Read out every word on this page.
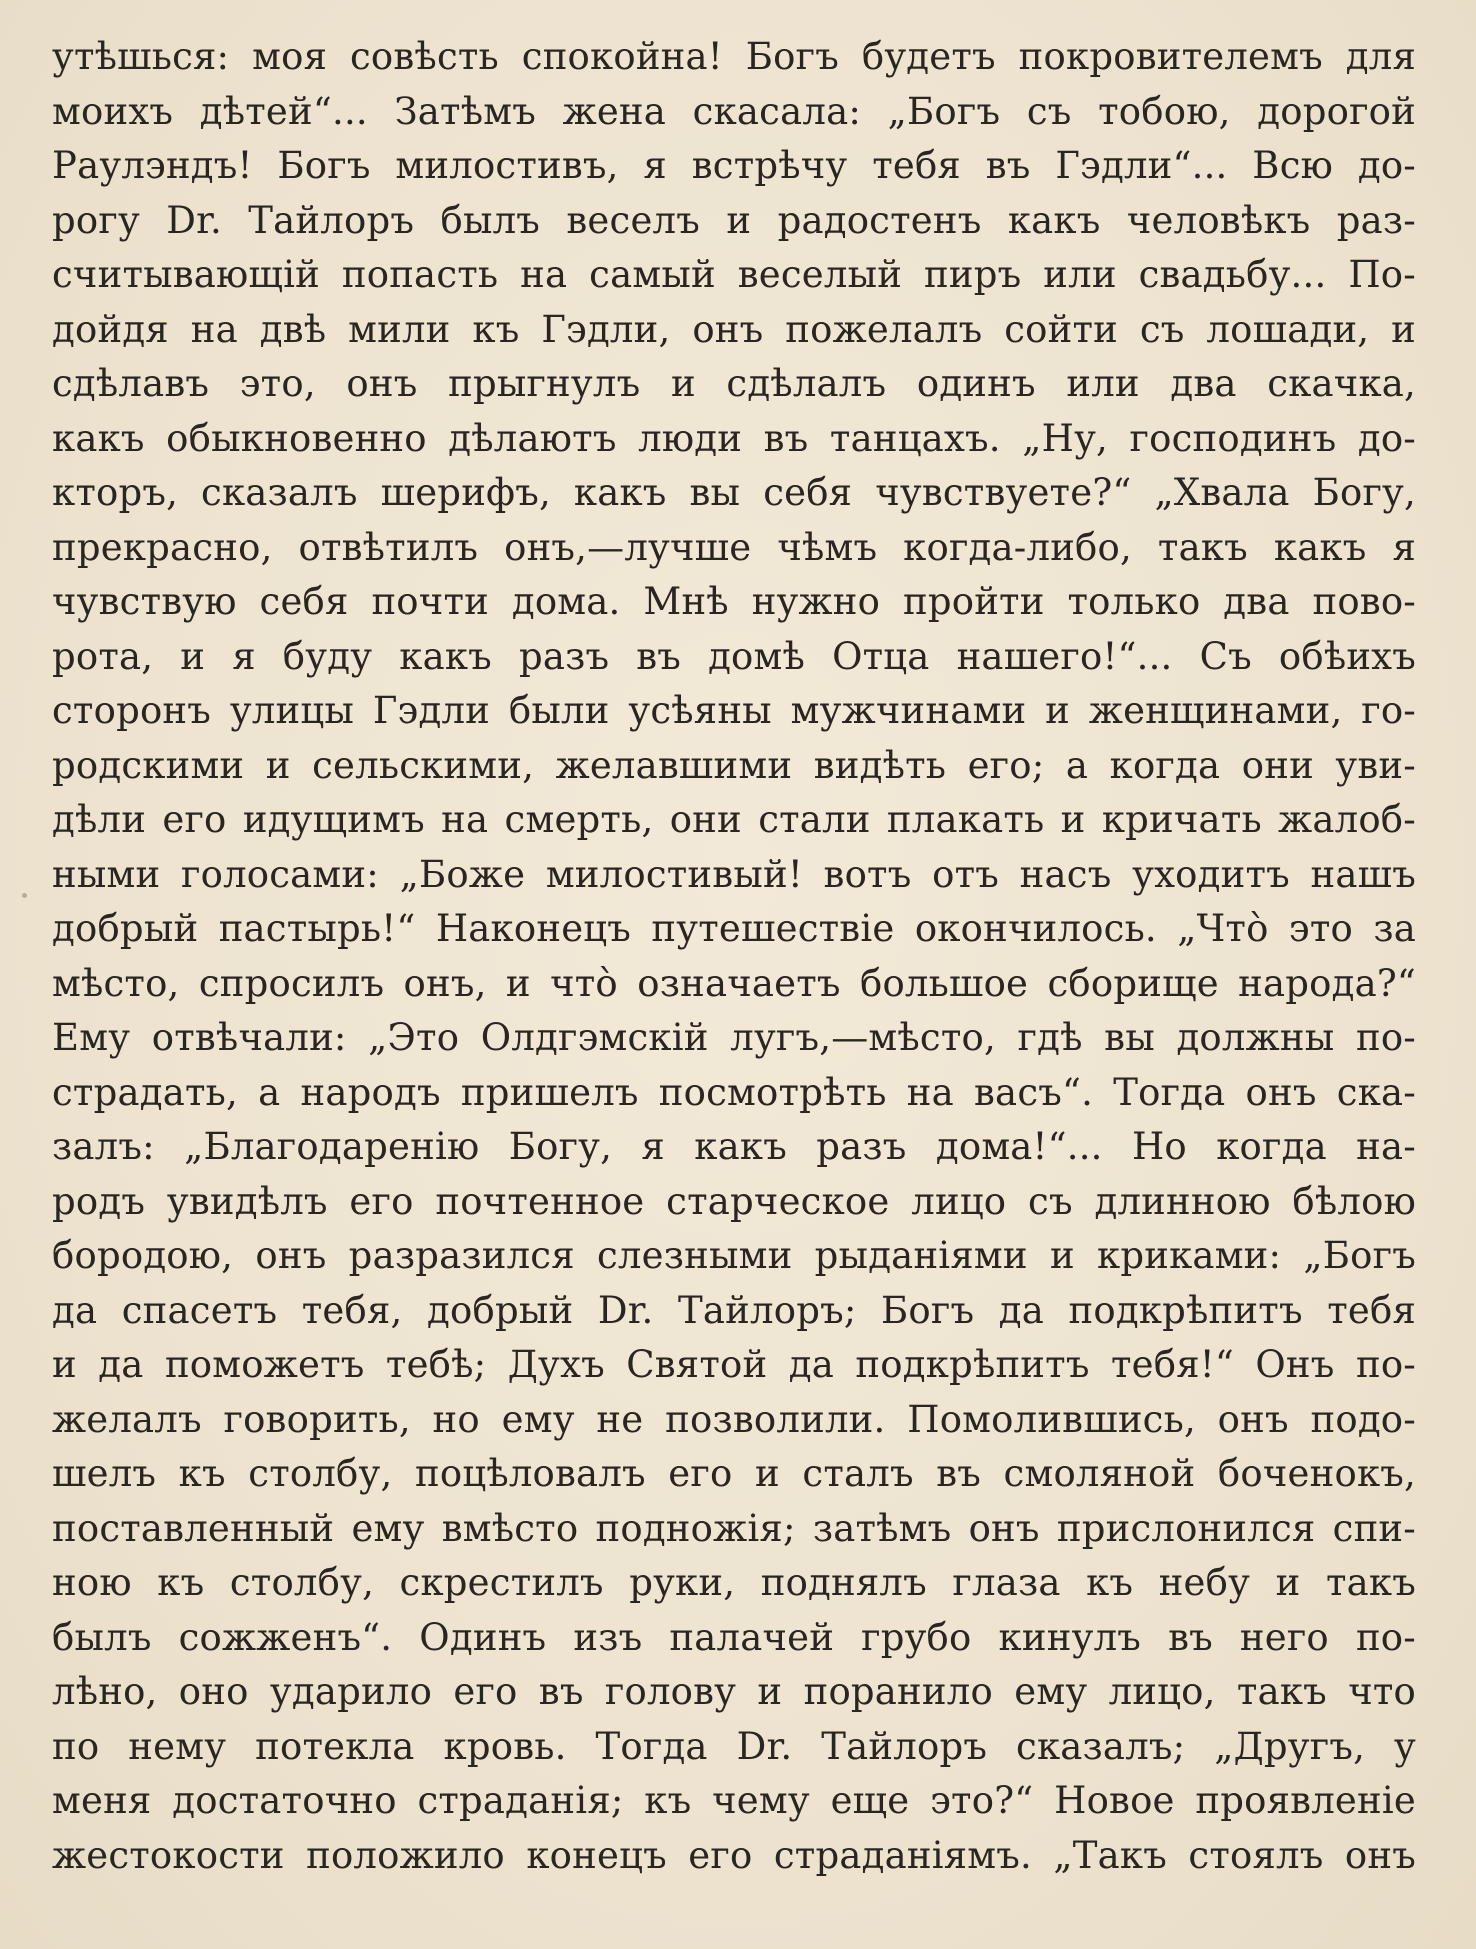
утѣшься: моя совѣсть спокойна! Богъ будетъ покровителемъ для
моихъ дѣтей“... Затѣмъ жена скасала: „Богъ съ тобою, дорогой
Раулэндъ! Богъ милостивъ, я встрѣчу тебя въ Гэдли“... Всю до-
рогу Dr. Тайлоръ былъ веселъ и радостенъ какъ человѣкъ раз-
считывающій попасть на самый веселый пиръ или свадьбу... По-
дойдя на двѣ мили къ Гэдли, онъ пожелалъ сойти съ лошади, и
сдѣлавъ это, онъ прыгнулъ и сдѣлалъ одинъ или два скачка,
какъ обыкновенно дѣлаютъ люди въ танцахъ. „Ну, господинъ до-
кторъ, сказалъ шерифъ, какъ вы себя чувствуете?“ „Хвала Богу,
прекрасно, отвѣтилъ онъ,—лучше чѣмъ когда-либо, такъ какъ я
чувствую себя почти дома. Мнѣ нужно пройти только два пово-
рота, и я буду какъ разъ въ домѣ Отца нашего!“... Съ обѣихъ
сторонъ улицы Гэдли были усѣяны мужчинами и женщинами, го-
родскими и сельскими, желавшими видѣть его; а когда они уви-
дѣли его идущимъ на смерть, они стали плакать и кричать жалоб-
ными голосами: „Боже милостивый! вотъ отъ насъ уходитъ нашъ
добрый пастырь!“ Наконецъ путешествіе окончилось. „Что̀ это за
мѣсто, спросилъ онъ, и что̀ означаетъ большое сборище народа?“
Ему отвѣчали: „Это Олдгэмскій лугъ,—мѣсто, гдѣ вы должны по-
страдать, а народъ пришелъ посмотрѣть на васъ“. Тогда онъ ска-
залъ: „Благодаренію Богу, я какъ разъ дома!“... Но когда на-
родъ увидѣлъ его почтенное старческое лицо съ длинною бѣлою
бородою, онъ разразился слезными рыданіями и криками: „Богъ
да спасетъ тебя, добрый Dr. Тайлоръ; Богъ да подкрѣпитъ тебя
и да поможетъ тебѣ; Духъ Святой да подкрѣпитъ тебя!“ Онъ по-
желалъ говорить, но ему не позволили. Помолившись, онъ подо-
шелъ къ столбу, поцѣловалъ его и сталъ въ смоляной боченокъ,
поставленный ему вмѣсто подножія; затѣмъ онъ прислонился спи-
ною къ столбу, скрестилъ руки, поднялъ глаза къ небу и такъ
былъ сожженъ“. Одинъ изъ палачей грубо кинулъ въ него по-
лѣно, оно ударило его въ голову и поранило ему лицо, такъ что
по нему потекла кровь. Тогда Dr. Тайлоръ сказалъ; „Другъ, у
меня достаточно страданія; къ чему еще это?“ Новое проявленіе
жестокости положило конецъ его страданіямъ. „Такъ стоялъ онъ
